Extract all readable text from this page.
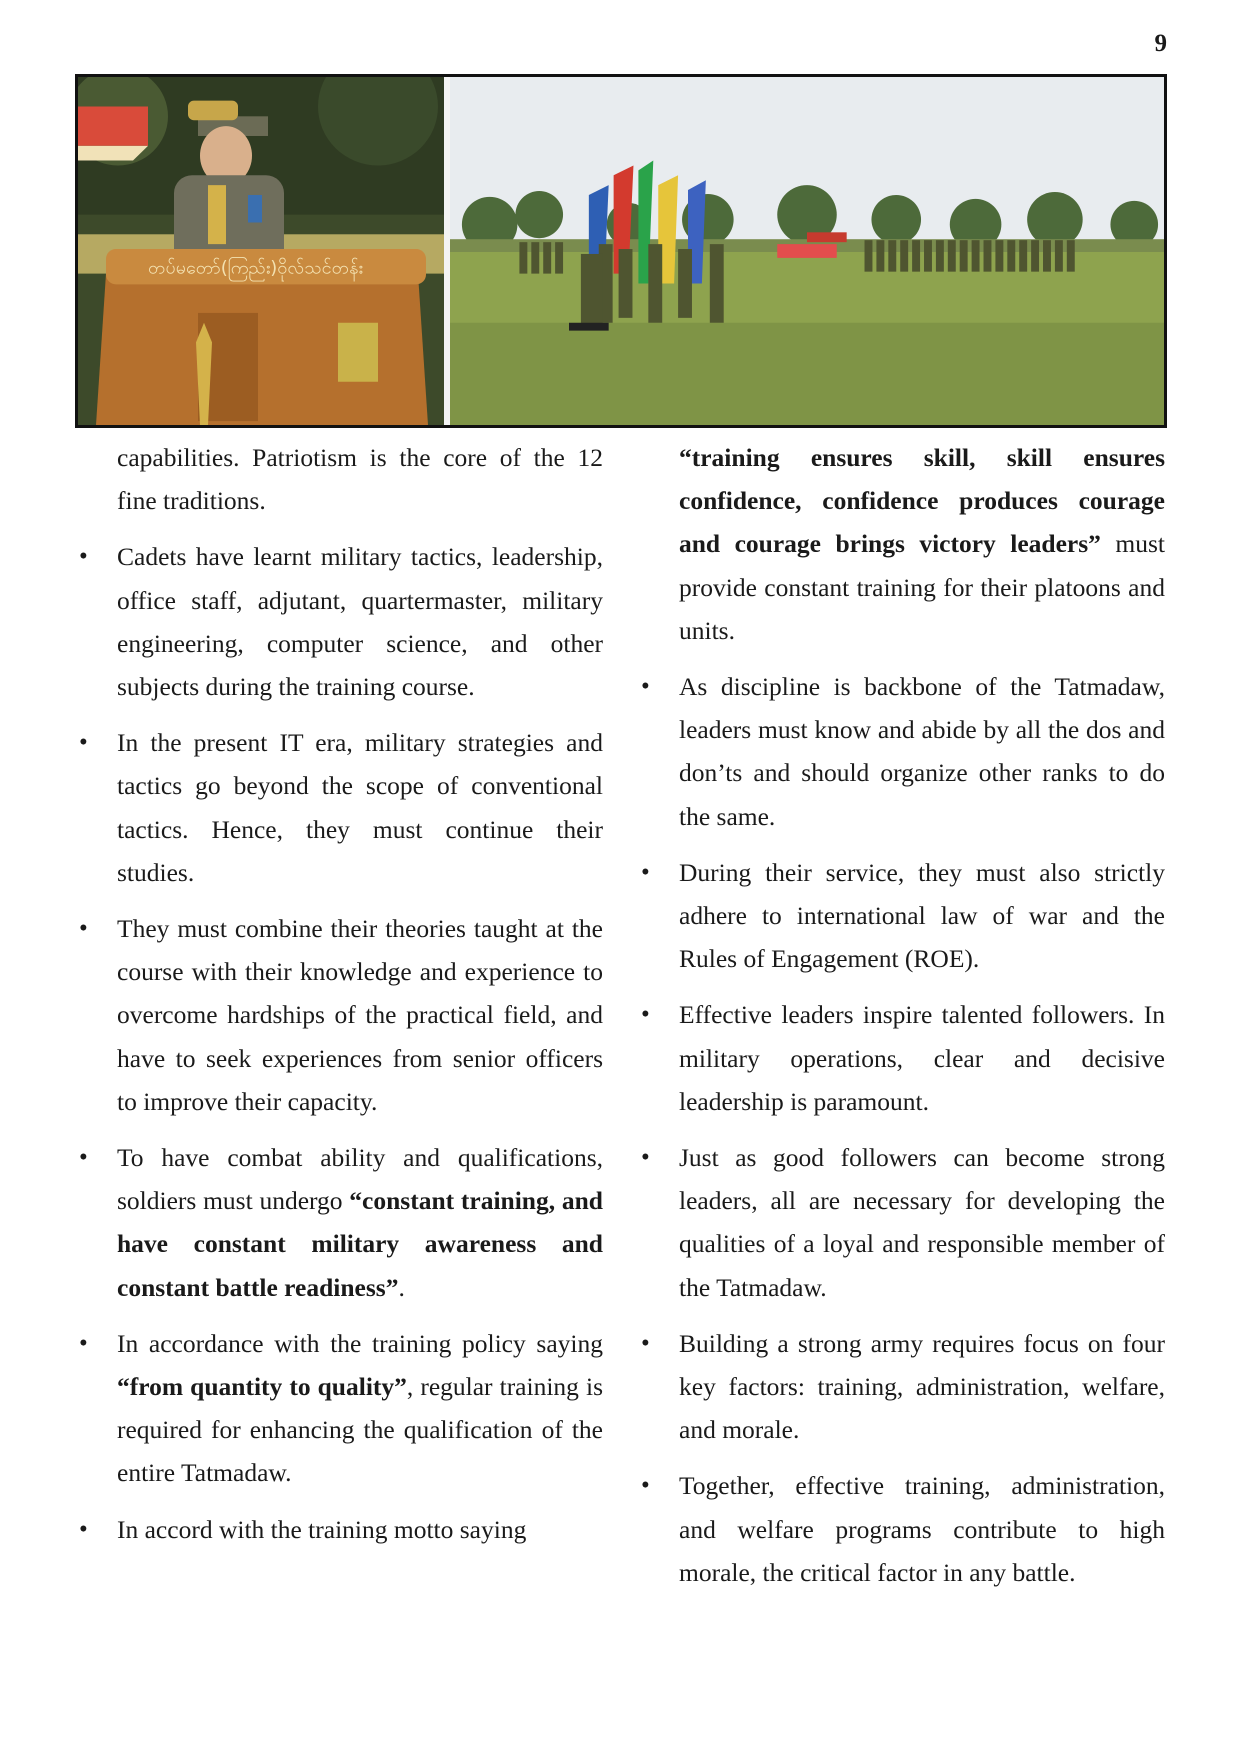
9
တပ်မတော်(ကြည်း)ဝိုလ်သင်တန်း

capabilities. Patriotism is the core of the 12 fine traditions.

• Cadets have learnt military tactics, leadership, office staff, adjutant, quartermaster, military engineering, computer science, and other subjects during the training course.

• In the present IT era, military strategies and tactics go beyond the scope of conventional tactics. Hence, they must continue their studies.

• They must combine their theories taught at the course with their knowledge and experience to overcome hardships of the practical field, and have to seek experiences from senior officers to improve their capacity.

• To have combat ability and qualifications, soldiers must undergo “constant training, and have constant military awareness and constant battle readiness”.

• In accordance with the training policy saying “from quantity to quality”, regular training is required for enhancing the qualification of the entire Tatmadaw.

• In accord with the training motto saying

“training ensures skill, skill ensures confidence, confidence produces courage and courage brings victory leaders” must provide constant training for their platoons and units.

• As discipline is backbone of the Tatmadaw, leaders must know and abide by all the dos and don’ts and should organize other ranks to do the same.

• During their service, they must also strictly adhere to international law of war and the Rules of Engagement (ROE).

• Effective leaders inspire talented followers. In military operations, clear and decisive leadership is paramount.

• Just as good followers can become strong leaders, all are necessary for developing the qualities of a loyal and responsible member of the Tatmadaw.

• Building a strong army requires focus on four key factors: training, administration, welfare, and morale.

• Together, effective training, administration, and welfare programs contribute to high morale, the critical factor in any battle.
